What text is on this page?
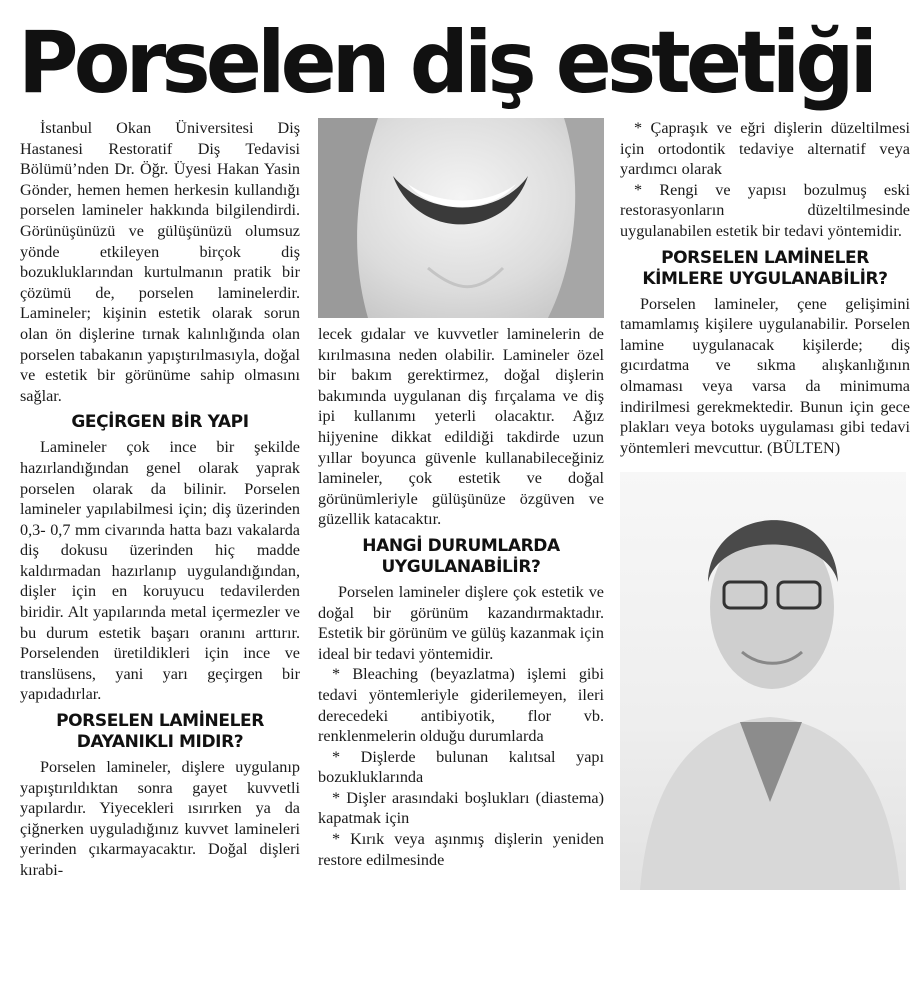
Porselen diş estetiği

İstanbul Okan Üniversitesi Diş Hastanesi Restoratif Diş Tedavisi Bölümü’nden Dr. Öğr. Üyesi Hakan Yasin Gönder, hemen hemen herkesin kullandığı porselen lamineler hakkında bilgilendirdi. Görünüşünüzü ve gülüşünüzü olumsuz yönde etkileyen birçok diş bozukluklarından kurtulmanın pratik bir çözümü de, porselen laminelerdir. Lamineler; kişinin estetik olarak sorun olan ön dişlerine tırnak kalınlığında olan porselen tabakanın yapıştırılmasıyla, doğal ve estetik bir görünüme sahip olmasını sağlar.

GEÇİRGEN BİR YAPI

Lamineler çok ince bir şekilde hazırlandığından genel olarak yaprak porselen olarak da bilinir. Porselen lamineler yapılabilmesi için; diş üzerinden 0,3- 0,7 mm civarında hatta bazı vakalarda diş dokusu üzerinden hiç madde kaldırmadan hazırlanıp uygulandığından, dişler için en koruyucu tedavilerden biridir. Alt yapılarında metal içermezler ve bu durum estetik başarı oranını arttırır. Porselenden üretildikleri için ince ve translüsens, yani yarı geçirgen bir yapıdadırlar.

PORSELEN LAMİNELER
DAYANIKLI MIDIR?

Porselen lamineler, dişlere uygulanıp yapıştırıldıktan sonra gayet kuvvetli yapılardır. Yiyecekleri ısırırken ya da çiğnerken uyguladığınız kuvvet lamineleri yerinden çıkarmayacaktır. Doğal dişleri kırabi-

lecek gıdalar ve kuvvetler laminelerin de kırılmasına neden olabilir. Lamineler özel bir bakım gerektirmez, doğal dişlerin bakımında uygulanan diş fırçalama ve diş ipi kullanımı yeterli olacaktır. Ağız hijyenine dikkat edildiği takdirde uzun yıllar boyunca güvenle kullanabileceğiniz lamineler, çok estetik ve doğal görünümleriyle gülüşünüze özgüven ve güzellik katacaktır.

HANGİ DURUMLARDA
UYGULANABİLİR?

Porselen lamineler dişlere çok estetik ve doğal bir görünüm kazandırmaktadır. Estetik bir görünüm ve gülüş kazanmak için ideal bir tedavi yöntemidir.

* Bleaching (beyazlatma) işlemi gibi tedavi yöntemleriyle giderilemeyen, ileri derecedeki antibiyotik, flor vb. renklenmelerin olduğu durumlarda

* Dişlerde bulunan kalıtsal yapı bozukluklarında

* Dişler arasındaki boşlukları (diastema) kapatmak için

* Kırık veya aşınmış dişlerin yeniden restore edilmesinde

* Çapraşık ve eğri dişlerin düzeltilmesi için ortodontik tedaviye alternatif veya yardımcı olarak

* Rengi ve yapısı bozulmuş eski restorasyonların düzeltilmesinde uygulanabilen estetik bir tedavi yöntemidir.

PORSELEN LAMİNELER
KİMLERE UYGULANABİLİR?

Porselen lamineler, çene gelişimini tamamlamış kişilere uygulanabilir. Porselen lamine uygulanacak kişilerde; diş gıcırdatma ve sıkma alışkanlığının olmaması veya varsa da minimuma indirilmesi gerekmektedir. Bunun için gece plakları veya botoks uygulaması gibi tedavi yöntemleri mevcuttur. (BÜLTEN)
